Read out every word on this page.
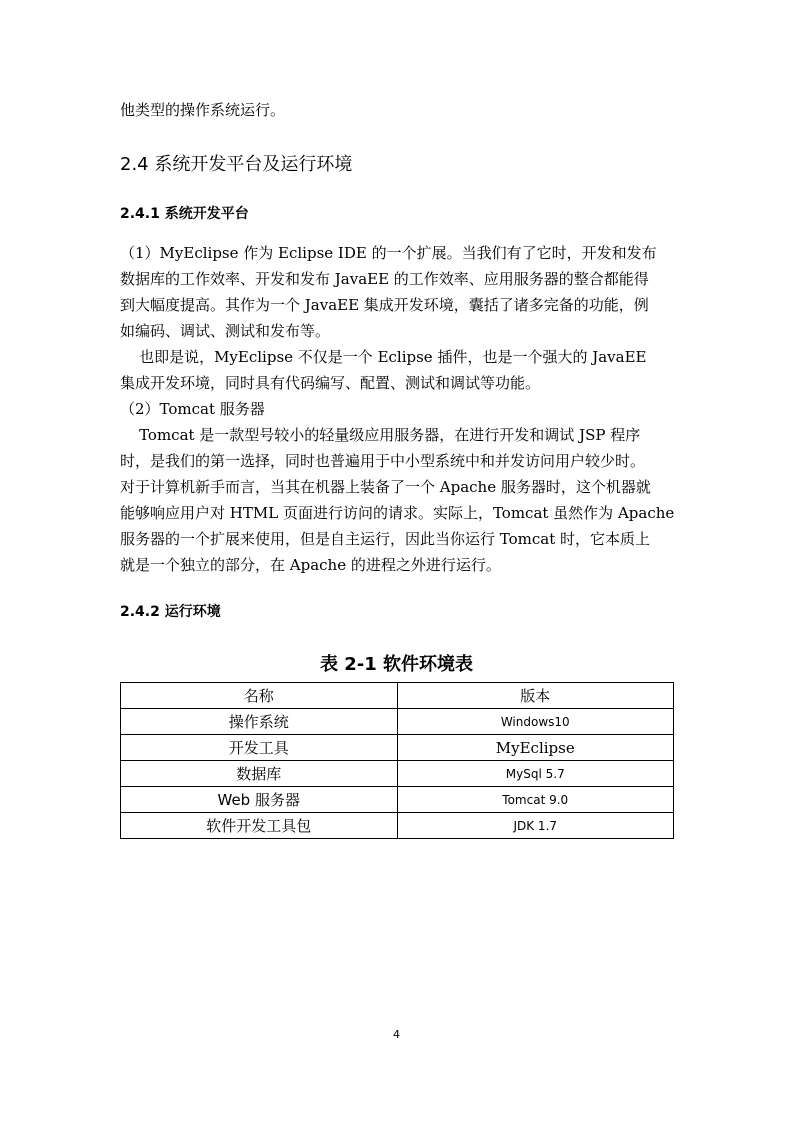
他类型的操作系统运行。

2.4 系统开发平台及运行环境
2.4.1 系统开发平台
（1）MyEclipse 作为 Eclipse IDE 的一个扩展。当我们有了它时，开发和发布
数据库的工作效率、开发和发布 JavaEE 的工作效率、应用服务器的整合都能得
到大幅度提高。其作为一个 JavaEE 集成开发环境，囊括了诸多完备的功能，例
如编码、调试、测试和发布等。
也即是说，MyEclipse 不仅是一个 Eclipse 插件，也是一个强大的 JavaEE
集成开发环境，同时具有代码编写、配置、测试和调试等功能。
（2）Tomcat 服务器
Tomcat 是一款型号较小的轻量级应用服务器，在进行开发和调试 JSP 程序
时，是我们的第一选择，同时也普遍用于中小型系统中和并发访问用户较少时。
对于计算机新手而言，当其在机器上装备了一个 Apache 服务器时，这个机器就
能够响应用户对 HTML 页面进行访问的请求。实际上，Tomcat 虽然作为 Apache
服务器的一个扩展来使用，但是自主运行，因此当你运行 Tomcat 时，它本质上
就是一个独立的部分，在 Apache 的进程之外进行运行。
2.4.2 运行环境
表 2-1 软件环境表
名称	版本
操作系统	Windows10
开发工具	MyEclipse
数据库	MySql 5.7
Web 服务器	Tomcat 9.0
软件开发工具包	JDK 1.7
4
